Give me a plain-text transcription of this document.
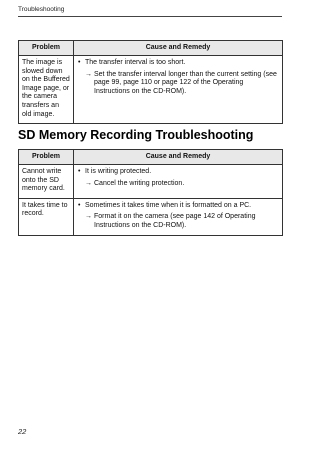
Troubleshooting
Problem	Cause and Remedy
The image is slowed down on the Buffered Image page, or the camera transfers an old image.	• The transfer interval is too short.
→ Set the transfer interval longer than the current setting (see page 99, page 110 or page 122 of the Operating Instructions on the CD-ROM).
SD Memory Recording Troubleshooting
Problem	Cause and Remedy
Cannot write onto the SD memory card.	• It is writing protected.
→ Cancel the writing protection.

It takes time to record.	• Sometimes it takes time when it is formatted on a PC.
→ Format it on the camera (see page 142 of Operating Instructions on the CD-ROM).
22
